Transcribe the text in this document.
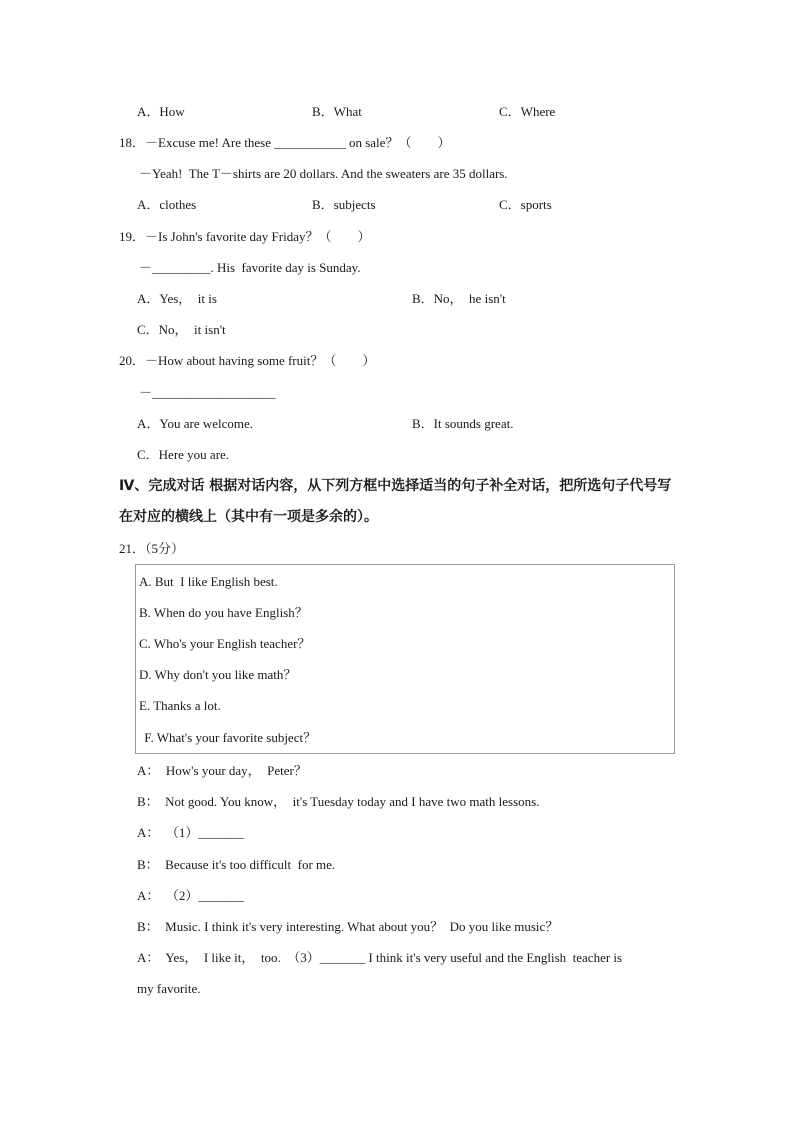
A．How	B．What	C．Where
18．－Excuse me! Are these ___________ on sale？（　　）
－Yeah!  The T－shirts are 20 dollars. And the sweaters are 35 dollars.
A．clothes	B．subjects	C．sports
19．－Is John's favorite day Friday？（　　）
－_________. His  favorite day is Sunday.
A．Yes，  it is	B．No，  he isn't
C．No，  it isn't
20．－How about having some fruit？（　　）
－___________________
A．You are welcome.	B．It sounds great.
C．Here you are.
Ⅳ、完成对话 根据对话内容，从下列方框中选择适当的句子补全对话，把所选句子代号写
在对应的横线上（其中有一项是多余的）。
21．（5分）
A. But  I like English best.
B. When do you have English？
C. Who's your English teacher？
D. Why don't you like math？
E. Thanks a lot.
F. What's your favorite subject？
A：  How's your day，  Peter？
B：  Not good. You know，  it's Tuesday today and I have two math lessons.
A：  （1）_______
B：  Because it's too difficult  for me.
A：  （2）_______
B：  Music. I think it's very interesting. What about you？  Do you like music？
A：  Yes，  I like it，  too.  （3）_______ I think it's very useful and the English  teacher is
my favorite.
